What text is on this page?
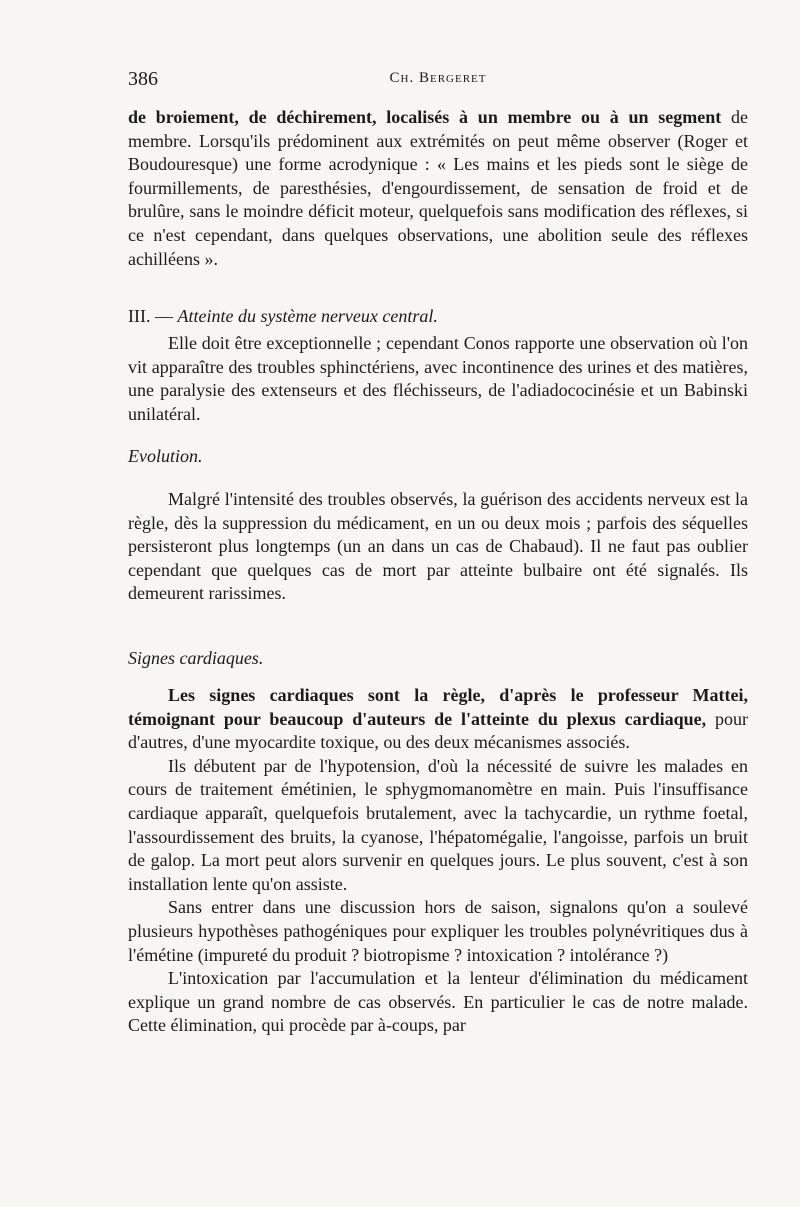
386	Ch. Bergeret

de broiement, de déchirement, localisés à un membre ou à un segment de membre. Lorsqu'ils prédominent aux extrémités on peut même observer (Roger et Boudouresque) une forme acrodynique : « Les mains et les pieds sont le siège de fourmillements, de paresthésies, d'engourdissement, de sensation de froid et de brulûre, sans le moindre déficit moteur, quelquefois sans modification des réflexes, si ce n'est cependant, dans quelques observations, une abolition seule des réflexes achilléens ».

III. — Atteinte du système nerveux central.

Elle doit être exceptionnelle ; cependant Conos rapporte une observation où l'on vit apparaître des troubles sphinctériens, avec incontinence des urines et des matières, une paralysie des extenseurs et des fléchisseurs, de l'adiadococinésie et un Babinski unilatéral.

Evolution.

Malgré l'intensité des troubles observés, la guérison des accidents nerveux est la règle, dès la suppression du médicament, en un ou deux mois ; parfois des séquelles persisteront plus longtemps (un an dans un cas de Chabaud). Il ne faut pas oublier cependant que quelques cas de mort par atteinte bulbaire ont été signalés. Ils demeurent rarissimes.

Signes cardiaques.

Les signes cardiaques sont la règle, d'après le professeur Mattei, témoignant pour beaucoup d'auteurs de l'atteinte du plexus cardiaque, pour d'autres, d'une myocardite toxique, ou des deux mécanismes associés.

Ils débutent par de l'hypotension, d'où la nécessité de suivre les malades en cours de traitement émétinien, le sphygmomanomètre en main. Puis l'insuffisance cardiaque apparaît, quelquefois brutalement, avec la tachycardie, un rythme foetal, l'assourdissement des bruits, la cyanose, l'hépatomégalie, l'angoisse, parfois un bruit de galop. La mort peut alors survenir en quelques jours. Le plus souvent, c'est à son installation lente qu'on assiste.

Sans entrer dans une discussion hors de saison, signalons qu'on a soulevé plusieurs hypothèses pathogéniques pour expliquer les troubles polynévritiques dus à l'émétine (impureté du produit ? biotropisme ? intoxication ? intolérance ?)

L'intoxication par l'accumulation et la lenteur d'élimination du médicament explique un grand nombre de cas observés. En particulier le cas de notre malade. Cette élimination, qui procède par à-coups, par
